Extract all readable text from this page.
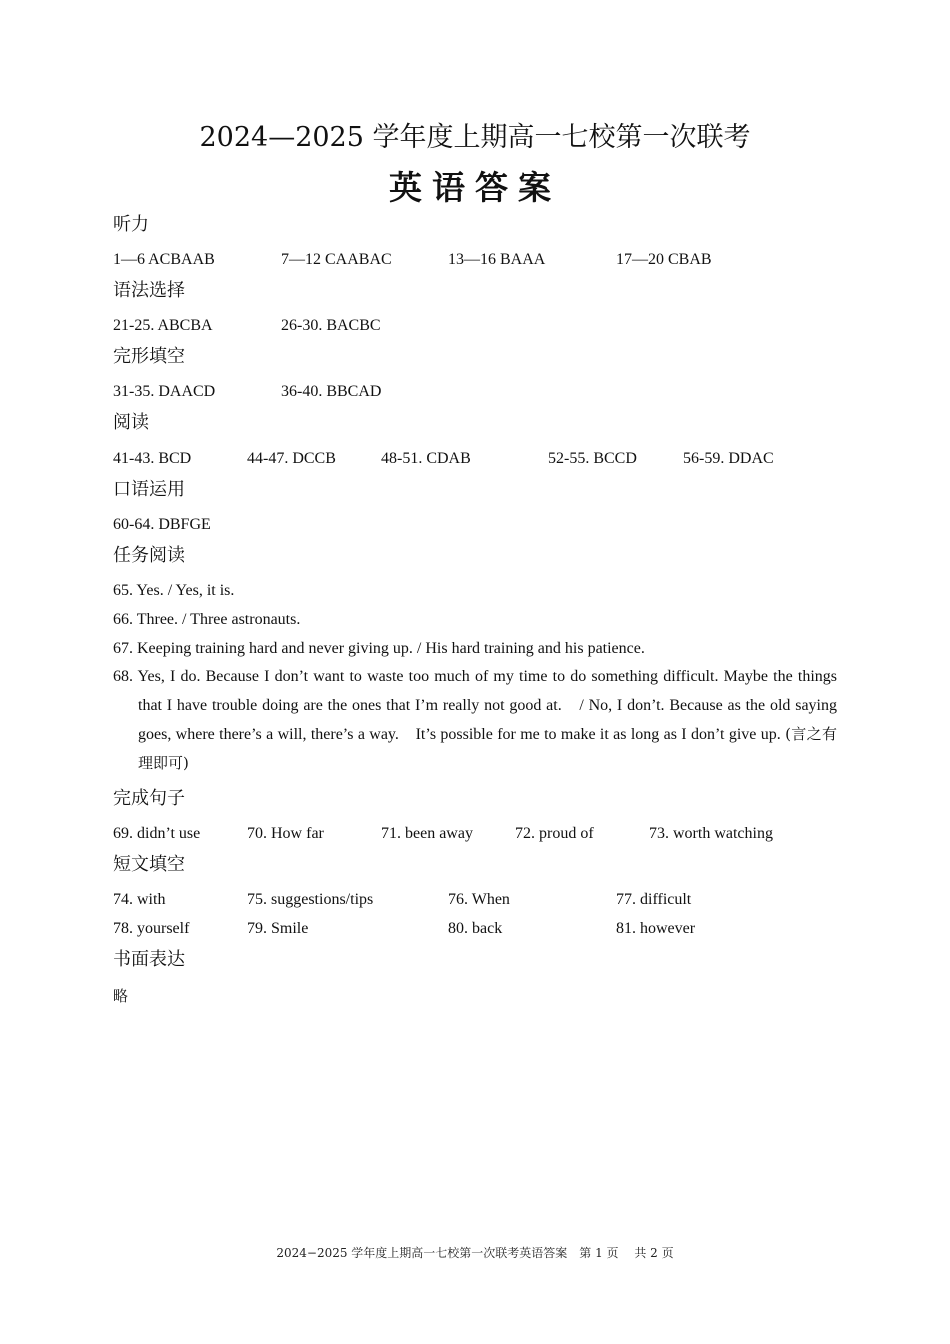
2024—2025 学年度上期高一七校第一次联考
英语答案
听力
1—6 ACBAAB	7—12 CAABAC	13—16 BAAA	17—20 CBAB
语法选择
21-25. ABCBA	26-30. BACBC
完形填空
31-35. DAACD	36-40. BBCAD
阅读
41-43. BCD	44-47. DCCB	48-51. CDAB	52-55. BCCD	56-59. DDAC
口语运用
60-64. DBFGE
任务阅读
65. Yes. / Yes, it is.
66. Three. / Three astronauts.
67. Keeping training hard and never giving up. / His hard training and his patience.
68. Yes, I do. Because I don’t want to waste too much of my time to do something difficult. Maybe the things that I have trouble doing are the ones that I’m really not good at.　/ No, I don’t. Because as the old saying goes, where there’s a will, there’s a way.　It’s possible for me to make it as long as I don’t give up. (言之有理即可)
完成句子
69. didn’t use	70. How far	71. been away	72. proud of	73. worth watching
短文填空
74. with	75. suggestions/tips	76. When	77. difficult
78. yourself	79. Smile	80. back	81. however
书面表达
略
2024−2025 学年度上期高一七校第一次联考英语答案　第 1 页　 共 2 页
